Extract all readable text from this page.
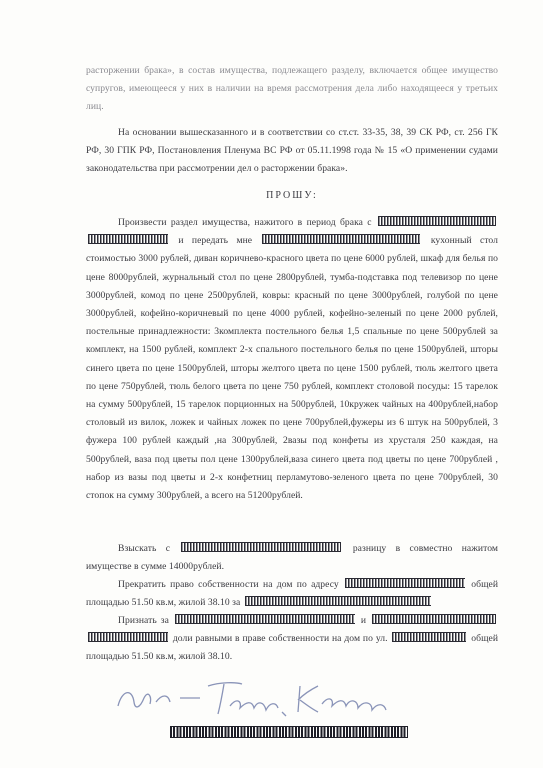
расторжении брака», в состав имущества, подлежащего разделу, включается общее имущество супругов, имеющееся у них в наличии на время рассмотрения дела либо находящееся у третьих лиц.
На основании вышесказанного и в соответствии со ст.ст. 33-35, 38, 39 СК РФ, ст. 256 ГК РФ, 30 ГПК РФ, Постановления Пленума ВС РФ от 05.11.1998 года № 15 «О применении судами законодательства при рассмотрении дел о расторжении брака».
ПРОШУ:
Произвести раздел имущества, нажитого в период брака с   и передать мне	кухонный стол стоимостью 3000 рублей, диван коричнево-красного цвета по цене 6000 рублей, шкаф для белья по цене 8000рублей, журнальный стол по цене 2800рублей, тумба-подставка под телевизор по цене 3000рублей, комод по цене 2500рублей, ковры: красный по цене 3000рублей, голубой по цене 3000рублей, кофейно-коричневый по цене 4000 рублей, кофейно-зеленый по цене 2000 рублей, постельные принадлежности: 3комплекта постельного белья 1,5 спальные по цене 500рублей за комплект, на 1500 рублей, комплект 2-х спального постельного белья по цене 1500рублей, шторы синего цвета по цене 1500рублей, шторы желтого цвета по цене 1500 рублей, тюль желтого цвета по цене 750рублей, тюль белого цвета по цене 750 рублей, комплект столовой посуды: 15 тарелок на сумму 500рублей, 15 тарелок порционных на 500рублей, 10кружек чайных на 400рублей,набор столовый из вилок, ложек и чайных ложек по цене 700рублей,фужеры из 6 штук на 500рублей, 3 фужера 100 рублей каждый ,на 300рублей, 2вазы под конфеты из хрусталя 250 каждая, на 500рублей, ваза под цветы пол цене 1300рублей,ваза синего цвета под цветы по цене 700рублей , набор из вазы под цветы и 2-х конфетниц перламутово-зеленого цвета по цене 700рублей, 30 стопок на сумму 300рублей, а всего на 51200рублей.
Взыскать с	разницу в совместно нажитом имуществе в сумме 14000рублей.
Прекратить право собственности на дом по адресу	общей площадью 51.50 кв.м, жилой 38.10 за
Признать за	и   доли равными в праве собственности на дом по ул.	общей площадью 51.50 кв.м, жилой 38.10.
